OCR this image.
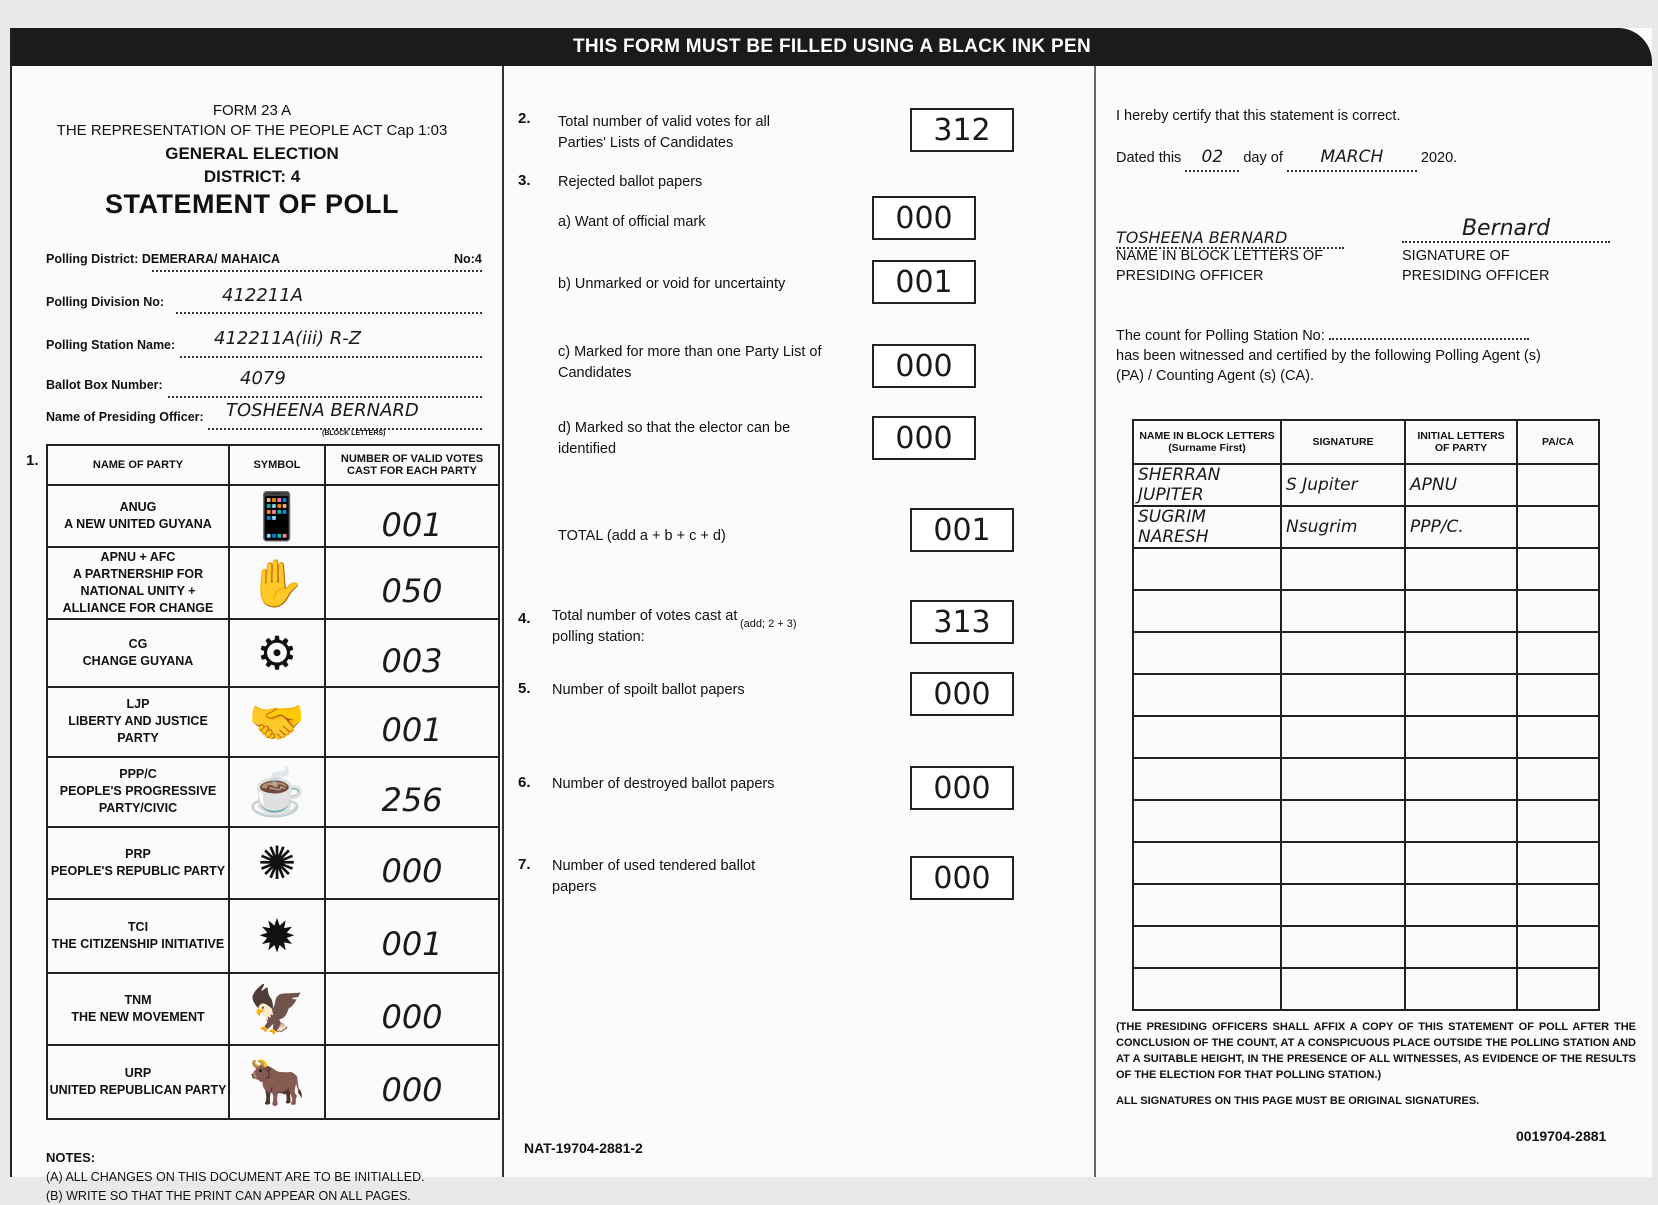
THIS FORM MUST BE FILLED USING A BLACK INK PEN
FORM 23 A
THE REPRESENTATION OF THE PEOPLE ACT Cap 1:03
GENERAL ELECTION
DISTRICT: 4
STATEMENT OF POLL
Polling District: DEMERARA/ MAHAICA	No:4
Polling Division No:	412211A
Polling Station Name: 412211A(iii) R-Z
Ballot Box Number:	4079
Name of Presiding Officer: TOSHEENA BERNARD
(BLOCK LETTERS)
1.	NAME OF PARTY	SYMBOL	NUMBER OF VALID VOTES CAST FOR EACH PARTY

ANUG
A NEW UNITED GUYANA	📱	001

APNU + AFC
A PARTNERSHIP FOR NATIONAL UNITY + ALLIANCE FOR CHANGE	✋	050

CG
CHANGE GUYANA	⚙	003

LJP
LIBERTY AND JUSTICE PARTY	🤝	001

PPP/C
PEOPLE'S PROGRESSIVE PARTY/CIVIC	☕	256

PRP
PEOPLE'S REPUBLIC PARTY	✺	000

TCI
THE CITIZENSHIP INITIATIVE	✹	001

TNM
THE NEW MOVEMENT	🦅	000

URP
UNITED REPUBLICAN PARTY	🐂	000
NOTES:
(A) ALL CHANGES ON THIS DOCUMENT ARE TO BE INITIALLED.
(B) WRITE SO THAT THE PRINT CAN APPEAR ON ALL PAGES.
2. Total number of valid votes for all Parties' Lists of Candidates	312
3. Rejected ballot papers
a) Want of official mark	000
b) Unmarked or void for uncertainty	001
c) Marked for more than one Party List of Candidates	000
d) Marked so that the elector can be identified	000
TOTAL (add a + b + c + d)	001
4. Total number of votes cast at polling station:
(add; 2 + 3)	313
5. Number of spoilt ballot papers	000
6. Number of destroyed ballot papers	000
7. Number of used tendered ballot papers	000
NAT-19704-2881-2
I hereby certify that this statement is correct.
Dated this 02 day of MARCH	2020.
TOSHEENA BERNARD	Bernard
NAME IN BLOCK LETTERS OF PRESIDING OFFICER
SIGNATURE OF PRESIDING OFFICER
The count for Polling Station No:
has been witnessed and certified by the following Polling Agent (s) (PA) / Counting Agent (s) (CA).
NAME IN BLOCK LETTERS (Surname First)	SIGNATURE	INITIAL LETTERS OF PARTY	PA/CA
SHERRAN JUPITER	S Jupiter	APNU	
SUGRIM NARESH	Nsugrim	PPP/C.	

(THE PRESIDING OFFICERS SHALL AFFIX A COPY OF THIS STATEMENT OF POLL AFTER THE CONCLUSION OF THE COUNT, AT A CONSPICUOUS PLACE OUTSIDE THE POLLING STATION AND AT A SUITABLE HEIGHT, IN THE PRESENCE OF ALL WITNESSES, AS EVIDENCE OF THE RESULTS OF THE ELECTION FOR THAT POLLING STATION.)
ALL SIGNATURES ON THIS PAGE MUST BE ORIGINAL SIGNATURES.
0019704-2881
